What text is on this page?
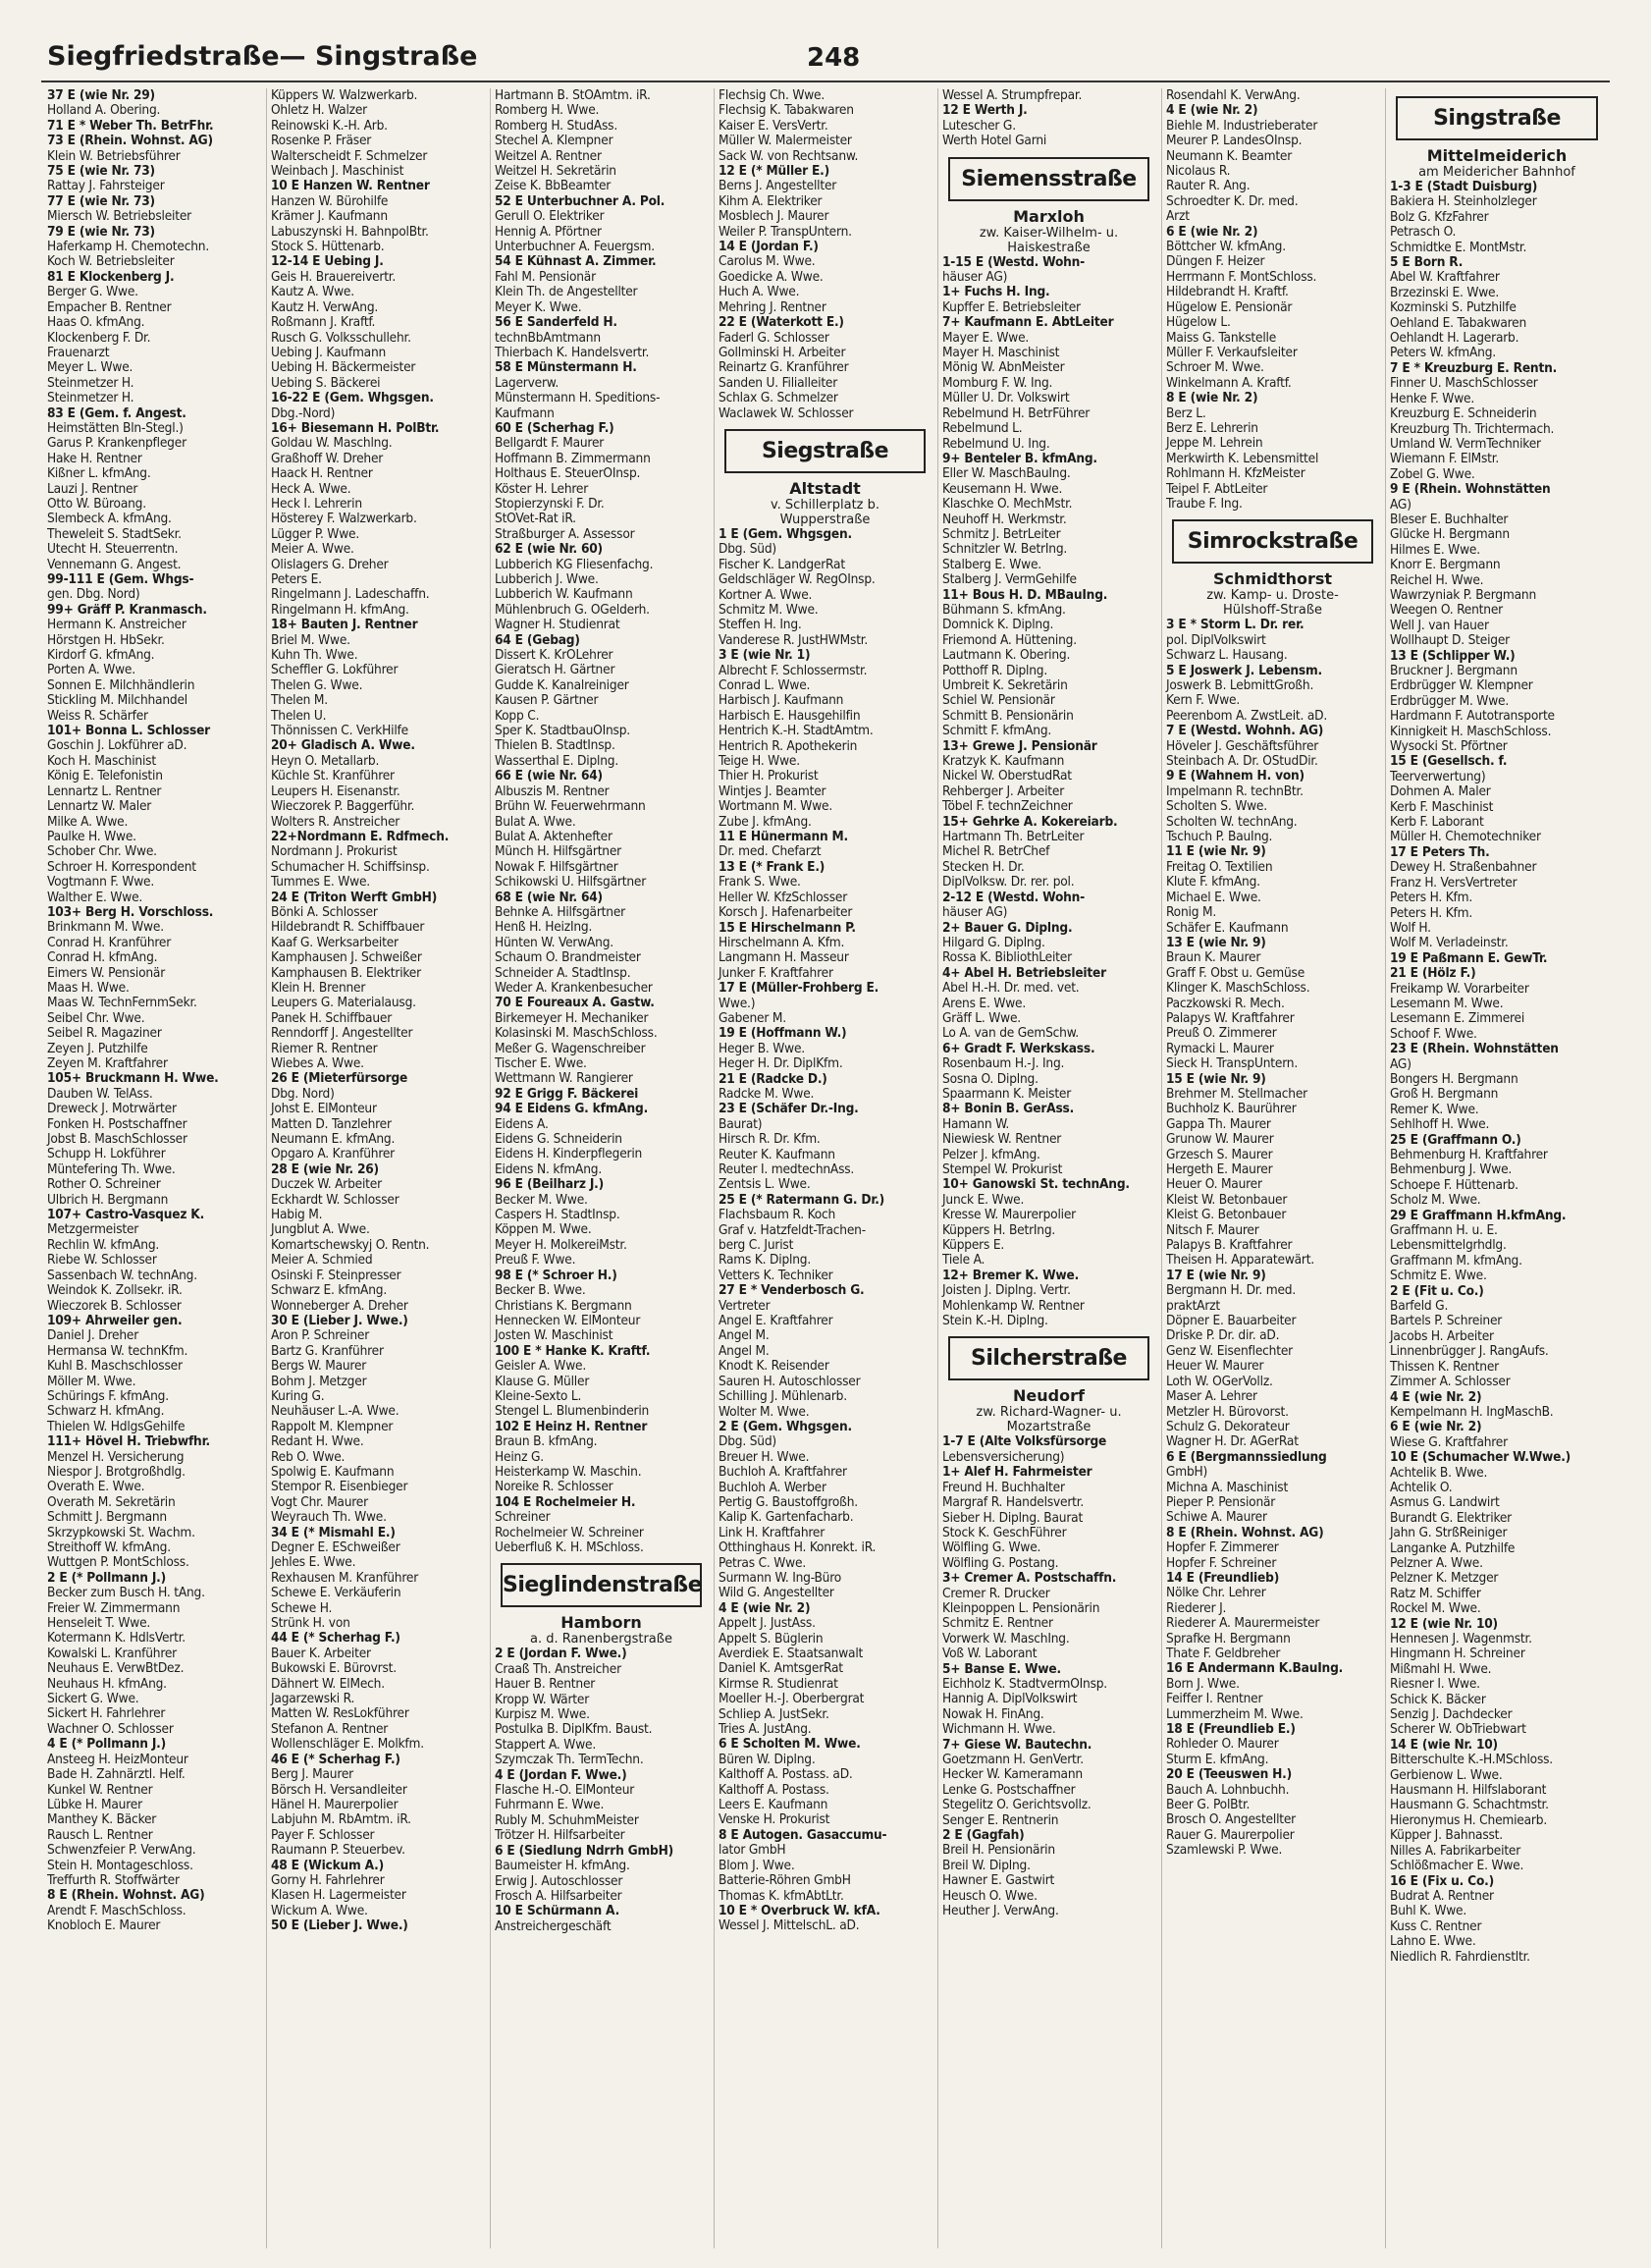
Siegfriedstraße— Singstraße	248
37 E (wie Nr. 29)
Holland A. Obering.
71 E * Weber Th. BetrFhr.
73 E (Rhein. Wohnst. AG)
Klein W. Betriebsführer
75 E (wie Nr. 73)
Rattay J. Fahrsteiger
77 E (wie Nr. 73)
Miersch W. Betriebsleiter
79 E (wie Nr. 73)
Haferkamp H. Chemotechn.
Koch W. Betriebsleiter
81 E Klockenberg J.
Berger G. Wwe.
Empacher B. Rentner
Haas O. kfmAng.
Klockenberg F. Dr.
Frauenarzt
Meyer L. Wwe.
Steinmetzer H.
Steinmetzer H.
83 E (Gem. f. Angest.
Heimstätten Bln-Stegl.)
Garus P. Krankenpfleger
Hake H. Rentner
Kißner L. kfmAng.
Lauzi J. Rentner
Otto W. Büroang.
Slembeck A. kfmAng.
Theweleit S. StadtSekr.
Utecht H. Steuerrentn.
Vennemann G. Angest.
99-111 E (Gem. Whgs-
gen. Dbg. Nord)
99+ Gräff P. Kranmasch.
Hermann K. Anstreicher
Hörstgen H. HbSekr.
Kirdorf G. kfmAng.
Porten A. Wwe.
Sonnen E. Milchhändlerin
Stickling M. Milchhandel
Weiss R. Schärfer
101+ Bonna L. Schlosser
Goschin J. Lokführer aD.
Koch H. Maschinist
König E. Telefonistin
Lennartz L. Rentner
Lennartz W. Maler
Milke A. Wwe.
Paulke H. Wwe.
Schober Chr. Wwe.
Schroer H. Korrespondent
Vogtmann F. Wwe.
Walther E. Wwe.
103+ Berg H. Vorschloss.
Brinkmann M. Wwe.
Conrad H. Kranführer
Conrad H. kfmAng.
Eimers W. Pensionär
Maas H. Wwe.
Maas W. TechnFernmSekr.
Seibel Chr. Wwe.
Seibel R. Magaziner
Zeyen J. Putzhilfe
Zeyen M. Kraftfahrer
105+ Bruckmann H. Wwe.
Dauben W. TelAss.
Dreweck J. Motrwärter
Fonken H. Postschaffner
Jobst B. MaschSchlosser
Schupp H. Lokführer
Müntefering Th. Wwe.
Rother O. Schreiner
Ulbrich H. Bergmann
107+ Castro-Vasquez K.
Metzgermeister
Rechlin W. kfmAng.
Riebe W. Schlosser
Sassenbach W. technAng.
Weindok K. Zollsekr. iR.
Wieczorek B. Schlosser
109+ Ahrweiler gen.
Daniel J. Dreher
Hermansa W. technKfm.
Kuhl B. Maschschlosser
Möller M. Wwe.
Schürings F. kfmAng.
Schwarz H. kfmAng.
Thielen W. HdlgsGehilfe
111+ Hövel H. Triebwfhr.
Menzel H. Versicherung
Niespor J. Brotgroßhdlg.
Overath E. Wwe.
Overath M. Sekretärin
Schmitt J. Bergmann
Skrzypkowski St. Wachm.
Streithoff W. kfmAng.
Wuttgen P. MontSchloss.
2 E (* Pollmann J.)
Becker zum Busch H. tAng.
Freier W. Zimmermann
Henseleit T. Wwe.
Kotermann K. HdlsVertr.
Kowalski L. Kranführer
Neuhaus E. VerwBtDez.
Neuhaus H. kfmAng.
Sickert G. Wwe.
Sickert H. Fahrlehrer
Wachner O. Schlosser
4 E (* Pollmann J.)
Ansteeg H. HeizMonteur
Bade H. Zahnärztl. Helf.
Kunkel W. Rentner
Lübke H. Maurer
Manthey K. Bäcker
Rausch L. Rentner
Schwenzfeier P. VerwAng.
Stein H. Montageschloss.
Treffurth R. Stoffwärter
8 E (Rhein. Wohnst. AG)
Arendt F. MaschSchloss.
Knobloch E. Maurer
Küppers W. Walzwerkarb.
Ohletz H. Walzer
Reinowski K.-H. Arb.
Rosenke P. Fräser
Walterscheidt F. Schmelzer
Weinbach J. Maschinist
10 E Hanzen W. Rentner
Hanzen W. Bürohilfe
Krämer J. Kaufmann
Labuszynski H. BahnpolBtr.
Stock S. Hüttenarb.
12-14 E Uebing J.
Geis H. Brauereivertr.
Kautz A. Wwe.
Kautz H. VerwAng.
Roßmann J. Kraftf.
Rusch G. Volksschullehr.
Uebing J. Kaufmann
Uebing H. Bäckermeister
Uebing S. Bäckerei
16-22 E (Gem. Whgsgen.
Dbg.-Nord)
16+ Biesemann H. PolBtr.
Goldau W. Maschlng.
Graßhoff W. Dreher
Haack H. Rentner
Heck A. Wwe.
Heck I. Lehrerin
Hösterey F. Walzwerkarb.
Lügger P. Wwe.
Meier A. Wwe.
Olislagers G. Dreher
Peters E.
Ringelmann J. Ladeschaffn.
Ringelmann H. kfmAng.
18+ Bauten J. Rentner
Briel M. Wwe.
Kuhn Th. Wwe.
Scheffler G. Lokführer
Thelen G. Wwe.
Thelen M.
Thelen U.
Thönnissen C. VerkHilfe
20+ Gladisch A. Wwe.
Heyn O. Metallarb.
Küchle St. Kranführer
Leupers H. Eisenanstr.
Wieczorek P. Baggerführ.
Wolters R. Anstreicher
22+Nordmann E. Rdfmech.
Nordmann J. Prokurist
Schumacher H. Schiffsinsp.
Tummes E. Wwe.
24 E (Triton Werft GmbH)
Bönki A. Schlosser
Hildebrandt R. Schiffbauer
Kaaf G. Werksarbeiter
Kamphausen J. Schweißer
Kamphausen B. Elektriker
Klein H. Brenner
Leupers G. Materialausg.
Panek H. Schiffbauer
Renndorff J. Angestellter
Riemer R. Rentner
Wiebes A. Wwe.
26 E (Mieterfürsorge
Dbg. Nord)
Johst E. ElMonteur
Matten D. Tanzlehrer
Neumann E. kfmAng.
Opgaro A. Kranführer
28 E (wie Nr. 26)
Duczek W. Arbeiter
Eckhardt W. Schlosser
Habig M.
Jungblut A. Wwe.
Komartschewskyj O. Rentn.
Meier A. Schmied
Osinski F. Steinpresser
Schwarz E. kfmAng.
Wonneberger A. Dreher
30 E (Lieber J. Wwe.)
Aron P. Schreiner
Bartz G. Kranführer
Bergs W. Maurer
Bohm J. Metzger
Kuring G.
Neuhäuser L.-A. Wwe.
Rappolt M. Klempner
Redant H. Wwe.
Reb O. Wwe.
Spolwig E. Kaufmann
Stempor R. Eisenbieger
Vogt Chr. Maurer
Weyrauch Th. Wwe.
34 E (* Mismahl E.)
Degner E. ESchweißer
Jehles E. Wwe.
Rexhausen M. Kranführer
Schewe E. Verkäuferin
Schewe H.
Strünk H. von
44 E (* Scherhag F.)
Bauer K. Arbeiter
Bukowski E. Bürovrst.
Dähnert W. ElMech.
Jagarzewski R.
Matten W. ResLokführer
Stefanon A. Rentner
Wollenschläger E. Molkfm.
46 E (* Scherhag F.)
Berg J. Maurer
Börsch H. Versandleiter
Hänel H. Maurerpolier
Labjuhn M. RbAmtm. iR.
Payer F. Schlosser
Raumann P. Steuerbev.
48 E (Wickum A.)
Gorny H. Fahrlehrer
Klasen H. Lagermeister
Wickum A. Wwe.
50 E (Lieber J. Wwe.)
Hartmann B. StOAmtm. iR.
Romberg H. Wwe.
Romberg H. StudAss.
Stechel A. Klempner
Weitzel A. Rentner
Weitzel H. Sekretärin
Zeise K. BbBeamter
52 E Unterbuchner A. Pol.
Gerull O. Elektriker
Hennig A. Pförtner
Unterbuchner A. Feuergsm.
54 E Kühnast A. Zimmer.
Fahl M. Pensionär
Klein Th. de Angestellter
Meyer K. Wwe.
56 E Sanderfeld H.
technBbAmtmann
Thierbach K. Handelsvertr.
58 E Münstermann H.
Lagerverw.
Münstermann H. Speditions-
Kaufmann
60 E (Scherhag F.)
Bellgardt F. Maurer
Hoffmann B. Zimmermann
Holthaus E. SteuerOInsp.
Köster H. Lehrer
Stopierzynski F. Dr.
StOVet-Rat iR.
Straßburger A. Assessor
62 E (wie Nr. 60)
Lubberich KG Fliesenfachg.
Lubberich J. Wwe.
Lubberich W. Kaufmann
Mühlenbruch G. OGelderh.
Wagner H. Studienrat
64 E (Gebag)
Dissert K. KrOLehrer
Gieratsch H. Gärtner
Gudde K. Kanalreiniger
Kausen P. Gärtner
Kopp C.
Sper K. StadtbauOInsp.
Thielen B. StadtInsp.
Wasserthal E. Diplng.
66 E (wie Nr. 64)
Albuszis M. Rentner
Brühn W. Feuerwehrmann
Bulat A. Wwe.
Bulat A. Aktenhefter
Münch H. Hilfsgärtner
Nowak F. Hilfsgärtner
Schikowski U. Hilfsgärtner
68 E (wie Nr. 64)
Behnke A. Hilfsgärtner
Henß H. HeizIng.
Hünten W. VerwAng.
Schaum O. Brandmeister
Schneider A. StadtInsp.
Weder A. Krankenbesucher
70 E Foureaux A. Gastw.
Birkemeyer H. Mechaniker
Kolasinski M. MaschSchloss.
Meßer G. Wagenschreiber
Tischer E. Wwe.
Wettmann W. Rangierer
92 E Grigg F. Bäckerei
94 E Eidens G. kfmAng.
Eidens A.
Eidens G. Schneiderin
Eidens H. Kinderpflegerin
Eidens N. kfmAng.
96 E (Beilharz J.)
Becker M. Wwe.
Caspers H. StadtInsp.
Köppen M. Wwe.
Meyer H. MolkereiMstr.
Preuß F. Wwe.
98 E (* Schroer H.)
Becker B. Wwe.
Christians K. Bergmann
Hennecken W. ElMonteur
Josten W. Maschinist
100 E * Hanke K. Kraftf.
Geisler A. Wwe.
Klause G. Müller
Kleine-Sexto L.
Stengel L. Blumenbinderin
102 E Heinz H. Rentner
Braun B. kfmAng.
Heinz G.
Heisterkamp W. Maschin.
Noreike R. Schlosser
104 E Rochelmeier H.
Schreiner
Rochelmeier W. Schreiner
Ueberfluß K. H. MSchloss.
Sieglindenstraße
Hamborn
a. d. Ranenbergstraße
2 E (Jordan F. Wwe.)
Craaß Th. Anstreicher
Hauer B. Rentner
Kropp W. Wärter
Kurpisz M. Wwe.
Postulka B. DiplKfm. Baust.
Stappert A. Wwe.
Szymczak Th. TermTechn.
4 E (Jordan F. Wwe.)
Flasche H.-O. ElMonteur
Fuhrmann E. Wwe.
Rubly M. SchuhmMeister
Trötzer H. Hilfsarbeiter
6 E (Siedlung Ndrrh GmbH)
Baumeister H. kfmAng.
Erwig J. Autoschlosser
Frosch A. Hilfsarbeiter
10 E Schürmann A.
Anstreichergeschäft
Flechsig Ch. Wwe.
Flechsig K. Tabakwaren
Kaiser E. VersVertr.
Müller W. Malermeister
Sack W. von Rechtsanw.
12 E (* Müller E.)
Berns J. Angestellter
Kihm A. Elektriker
Mosblech J. Maurer
Weiler P. TranspUntern.
14 E (Jordan F.)
Carolus M. Wwe.
Goedicke A. Wwe.
Huch A. Wwe.
Mehring J. Rentner
22 E (Waterkott E.)
Faderl G. Schlosser
Gollminski H. Arbeiter
Reinartz G. Kranführer
Sanden U. Filialleiter
Schlax G. Schmelzer
Waclawek W. Schlosser
Siegstraße
Altstadt
v. Schillerplatz b.
Wupperstraße
1 E (Gem. Whgsgen.
Dbg. Süd)
Fischer K. LandgerRat
Geldschläger W. RegOInsp.
Kortner A. Wwe.
Schmitz M. Wwe.
Steffen H. Ing.
Vanderese R. JustHWMstr.
3 E (wie Nr. 1)
Albrecht F. Schlossermstr.
Conrad L. Wwe.
Harbisch J. Kaufmann
Harbisch E. Hausgehilfin
Hentrich K.-H. StadtAmtm.
Hentrich R. Apothekerin
Teige H. Wwe.
Thier H. Prokurist
Wintjes J. Beamter
Wortmann M. Wwe.
Zube J. kfmAng.
11 E Hünermann M.
Dr. med. Chefarzt
13 E (* Frank E.)
Frank S. Wwe.
Heller W. KfzSchlosser
Korsch J. Hafenarbeiter
15 E Hirschelmann P.
Hirschelmann A. Kfm.
Langmann H. Masseur
Junker F. Kraftfahrer
17 E (Müller-Frohberg E.
Wwe.)
Gabener M.
19 E (Hoffmann W.)
Heger B. Wwe.
Heger H. Dr. DiplKfm.
21 E (Radcke D.)
Radcke M. Wwe.
23 E (Schäfer Dr.-Ing.
Baurat)
Hirsch R. Dr. Kfm.
Reuter K. Kaufmann
Reuter I. medtechnAss.
Zentsis L. Wwe.
25 E (* Ratermann G. Dr.)
Flachsbaum R. Koch
Graf v. Hatzfeldt-Trachen-
berg C. Jurist
Rams K. Diplng.
Vetters K. Techniker
27 E * Venderbosch G.
Vertreter
Angel E. Kraftfahrer
Angel M.
Angel M.
Knodt K. Reisender
Sauren H. Autoschlosser
Schilling J. Mühlenarb.
Wolter M. Wwe.
2 E (Gem. Whgsgen.
Dbg. Süd)
Breuer H. Wwe.
Buchloh A. Kraftfahrer
Buchloh A. Werber
Pertig G. Baustoffgroßh.
Kalip K. Gartenfacharb.
Link H. Kraftfahrer
Otthinghaus H. Konrekt. iR.
Petras C. Wwe.
Surmann W. Ing-Büro
Wild G. Angestellter
4 E (wie Nr. 2)
Appelt J. JustAss.
Appelt S. Büglerin
Averdiek E. Staatsanwalt
Daniel K. AmtsgerRat
Kirmse R. Studienrat
Moeller H.-J. Oberbergrat
Schliep A. JustSekr.
Tries A. JustAng.
6 E Scholten M. Wwe.
Büren W. Diplng.
Kalthoff A. Postass. aD.
Kalthoff A. Postass.
Leers E. Kaufmann
Venske H. Prokurist
8 E Autogen. Gasaccumu-
lator GmbH
Blom J. Wwe.
Batterie-Röhren GmbH
Thomas K. kfmAbtLtr.
10 E * Overbruck W. kfA.
Wessel J. MittelschL. aD.
Wessel A. Strumpfrepar.
12 E Werth J.
Lutescher G.
Werth Hotel Garni
Siemensstraße
Marxloh
zw. Kaiser-Wilhelm- u.
Haiskestraße
1-15 E (Westd. Wohn-
häuser AG)
1+ Fuchs H. Ing.
Kupffer E. Betriebsleiter
7+ Kaufmann E. AbtLeiter
Mayer E. Wwe.
Mayer H. Maschinist
Mönig W. AbnMeister
Momburg F. W. Ing.
Müller U. Dr. Volkswirt
Rebelmund H. BetrFührer
Rebelmund L.
Rebelmund U. Ing.
9+ Benteler B. kfmAng.
Eller W. MaschBauIng.
Keusemann H. Wwe.
Klaschke O. MechMstr.
Neuhoff H. Werkmstr.
Schmitz J. BetrLeiter
Schnitzler W. BetrIng.
Stalberg E. Wwe.
Stalberg J. VermGehilfe
11+ Bous H. D. MBauIng.
Bühmann S. kfmAng.
Domnick K. Diplng.
Friemond A. Hüttening.
Lautmann K. Obering.
Potthoff R. Diplng.
Umbreit K. Sekretärin
Schiel W. Pensionär
Schmitt B. Pensionärin
Schmitt F. kfmAng.
13+ Grewe J. Pensionär
Kratzyk K. Kaufmann
Nickel W. OberstudRat
Rehberger J. Arbeiter
Töbel F. technZeichner
15+ Gehrke A. Kokereiarb.
Hartmann Th. BetrLeiter
Michel R. BetrChef
Stecken H. Dr.
DiplVolksw. Dr. rer. pol.
2-12 E (Westd. Wohn-
häuser AG)
2+ Bauer G. Diplng.
Hilgard G. Diplng.
Rossa K. BibliothLeiter
4+ Abel H. Betriebsleiter
Abel H.-H. Dr. med. vet.
Arens E. Wwe.
Gräff L. Wwe.
Lo A. van de GemSchw.
6+ Gradt F. Werkskass.
Rosenbaum H.-J. Ing.
Sosna O. Diplng.
Spaarmann K. Meister
8+ Bonin B. GerAss.
Hamann W.
Niewiesk W. Rentner
Pelzer J. kfmAng.
Stempel W. Prokurist
10+ Ganowski St. technAng.
Junck E. Wwe.
Kresse W. Maurerpolier
Küppers H. BetrIng.
Küppers E.
Tiele A.
12+ Bremer K. Wwe.
Joisten J. Diplng. Vertr.
Mohlenkamp W. Rentner
Stein K.-H. Diplng.
Silcherstraße
Neudorf
zw. Richard-Wagner- u.
Mozartstraße
1-7 E (Alte Volksfürsorge
Lebensversicherung)
1+ Alef H. Fahrmeister
Freund H. Buchhalter
Margraf R. Handelsvertr.
Sieber H. Diplng. Baurat
Stock K. GeschFührer
Wölfling G. Wwe.
Wölfling G. Postang.
3+ Cremer A. Postschaffn.
Cremer R. Drucker
Kleinpoppen L. Pensionärin
Schmitz E. Rentner
Vorwerk W. MaschIng.
Voß W. Laborant
5+ Banse E. Wwe.
Eichholz K. StadtvermOInsp.
Hannig A. DiplVolkswirt
Nowak H. FinAng.
Wichmann H. Wwe.
7+ Giese W. Bautechn.
Goetzmann H. GenVertr.
Hecker W. Kameramann
Lenke G. Postschaffner
Stegelitz O. Gerichtsvollz.
Senger E. Rentnerin
2 E (Gagfah)
Breil H. Pensionärin
Breil W. Diplng.
Hawner E. Gastwirt
Heusch O. Wwe.
Heuther J. VerwAng.
Rosendahl K. VerwAng.
4 E (wie Nr. 2)
Biehle M. Industrieberater
Meurer P. LandesOInsp.
Neumann K. Beamter
Nicolaus R.
Rauter R. Ang.
Schroedter K. Dr. med.
Arzt
6 E (wie Nr. 2)
Böttcher W. kfmAng.
Düngen F. Heizer
Herrmann F. MontSchloss.
Hildebrandt H. Kraftf.
Hügelow E. Pensionär
Hügelow L.
Maiss G. Tankstelle
Müller F. Verkaufsleiter
Schroer M. Wwe.
Winkelmann A. Kraftf.
8 E (wie Nr. 2)
Berz L.
Berz E. Lehrerin
Jeppe M. Lehrein
Merkwirth K. Lebensmittel
Rohlmann H. KfzMeister
Teipel F. AbtLeiter
Traube F. Ing.
Simrockstraße
Schmidthorst
zw. Kamp- u. Droste-
Hülshoff-Straße
3 E * Storm L. Dr. rer.
pol. DiplVolkswirt
Schwarz L. Hausang.
5 E Joswerk J. Lebensm.
Joswerk B. LebmittGroßh.
Kern F. Wwe.
Peerenbom A. ZwstLeit. aD.
7 E (Westd. Wohnh. AG)
Höveler J. Geschäftsführer
Steinbach A. Dr. OStudDir.
9 E (Wahnem H. von)
Impelmann R. technBtr.
Scholten S. Wwe.
Scholten W. technAng.
Tschuch P. BauIng.
11 E (wie Nr. 9)
Freitag O. Textilien
Klute F. kfmAng.
Michael E. Wwe.
Ronig M.
Schäfer E. Kaufmann
13 E (wie Nr. 9)
Braun K. Maurer
Graff F. Obst u. Gemüse
Klinger K. MaschSchloss.
Paczkowski R. Mech.
Palapys W. Kraftfahrer
Preuß O. Zimmerer
Rymacki L. Maurer
Sieck H. TranspUntern.
15 E (wie Nr. 9)
Brehmer M. Stellmacher
Buchholz K. Baurührer
Gappa Th. Maurer
Grunow W. Maurer
Grzesch S. Maurer
Hergeth E. Maurer
Heuer O. Maurer
Kleist W. Betonbauer
Kleist G. Betonbauer
Nitsch F. Maurer
Palapys B. Kraftfahrer
Theisen H. Apparatewärt.
17 E (wie Nr. 9)
Bergmann H. Dr. med.
praktArzt
Döpner E. Bauarbeiter
Driske P. Dr. dir. aD.
Genz W. Eisenflechter
Heuer W. Maurer
Loth W. OGerVollz.
Maser A. Lehrer
Metzler H. Bürovorst.
Schulz G. Dekorateur
Wagner H. Dr. AGerRat
6 E (Bergmannssiedlung
GmbH)
Michna A. Maschinist
Pieper P. Pensionär
Schiwe A. Maurer
8 E (Rhein. Wohnst. AG)
Hopfer F. Zimmerer
Hopfer F. Schreiner
14 E (Freundlieb)
Nölke Chr. Lehrer
Riederer J.
Riederer A. Maurermeister
Sprafke H. Bergmann
Thate F. Geldbreher
16 E Andermann K.BauIng.
Born J. Wwe.
Feiffer I. Rentner
Lummerzheim M. Wwe.
18 E (Freundlieb E.)
Rohleder O. Maurer
Sturm E. kfmAng.
20 E (Teeuswen H.)
Bauch A. Lohnbuchh.
Beer G. PolBtr.
Brosch O. Angestellter
Rauer G. Maurerpolier
Szamlewski P. Wwe.
Singstraße
Mittelmeiderich
am Meidericher Bahnhof
1-3 E (Stadt Duisburg)
Bakiera H. Steinholzleger
Bolz G. KfzFahrer
Petrasch O.
Schmidtke E. MontMstr.
5 E Born R.
Abel W. Kraftfahrer
Brzezinski E. Wwe.
Kozminski S. Putzhilfe
Oehland E. Tabakwaren
Oehlandt H. Lagerarb.
Peters W. kfmAng.
7 E * Kreuzburg E. Rentn.
Finner U. MaschSchlosser
Henke F. Wwe.
Kreuzburg E. Schneiderin
Kreuzburg Th. Trichtermach.
Umland W. VermTechniker
Wiemann F. ElMstr.
Zobel G. Wwe.
9 E (Rhein. Wohnstätten
AG)
Bleser E. Buchhalter
Glücke H. Bergmann
Hilmes E. Wwe.
Knorr E. Bergmann
Reichel H. Wwe.
Wawrzyniak P. Bergmann
Weegen O. Rentner
Well J. van Hauer
Wollhaupt D. Steiger
13 E (Schlipper W.)
Bruckner J. Bergmann
Erdbrügger W. Klempner
Erdbrügger M. Wwe.
Hardmann F. Autotransporte
Kinnigkeit H. MaschSchloss.
Wysocki St. Pförtner
15 E (Gesellsch. f.
Teerverwertung)
Dohmen A. Maler
Kerb F. Maschinist
Kerb F. Laborant
Müller H. Chemotechniker
17 E Peters Th.
Dewey H. Straßenbahner
Franz H. VersVertreter
Peters H. Kfm.
Peters H. Kfm.
Wolf H.
Wolf M. Verladeinstr.
19 E Paßmann E. GewTr.
21 E (Hölz F.)
Freikamp W. Vorarbeiter
Lesemann M. Wwe.
Lesemann E. Zimmerei
Schoof F. Wwe.
23 E (Rhein. Wohnstätten
AG)
Bongers H. Bergmann
Groß H. Bergmann
Remer K. Wwe.
Sehlhoff H. Wwe.
25 E (Graffmann O.)
Behmenburg H. Kraftfahrer
Behmenburg J. Wwe.
Schoepe F. Hüttenarb.
Scholz M. Wwe.
29 E Graffmann H.kfmAng.
Graffmann H. u. E.
Lebensmittelgrhdlg.
Graffmann M. kfmAng.
Schmitz E. Wwe.
2 E (Fit u. Co.)
Barfeld G.
Bartels P. Schreiner
Jacobs H. Arbeiter
Linnenbrügger J. RangAufs.
Thissen K. Rentner
Zimmer A. Schlosser
4 E (wie Nr. 2)
Kempelmann H. IngMaschB.
6 E (wie Nr. 2)
Wiese G. Kraftfahrer
10 E (Schumacher W.Wwe.)
Achtelik B. Wwe.
Achtelik O.
Asmus G. Landwirt
Burandt G. Elektriker
Jahn G. StrßReiniger
Langanke A. Putzhilfe
Pelzner A. Wwe.
Pelzner K. Metzger
Ratz M. Schiffer
Rockel M. Wwe.
12 E (wie Nr. 10)
Hennesen J. Wagenmstr.
Hingmann H. Schreiner
Mißmahl H. Wwe.
Riesner I. Wwe.
Schick K. Bäcker
Senzig J. Dachdecker
Scherer W. ObTriebwart
14 E (wie Nr. 10)
Bitterschulte K.-H.MSchloss.
Gerbienow L. Wwe.
Hausmann H. Hilfslaborant
Hausmann G. Schachtmstr.
Hieronymus H. Chemiearb.
Küpper J. Bahnasst.
Nilles A. Fabrikarbeiter
Schlößmacher E. Wwe.
16 E (Fix u. Co.)
Budrat A. Rentner
Buhl K. Wwe.
Kuss C. Rentner
Lahno E. Wwe.
Niedlich R. Fahrdienstltr.
